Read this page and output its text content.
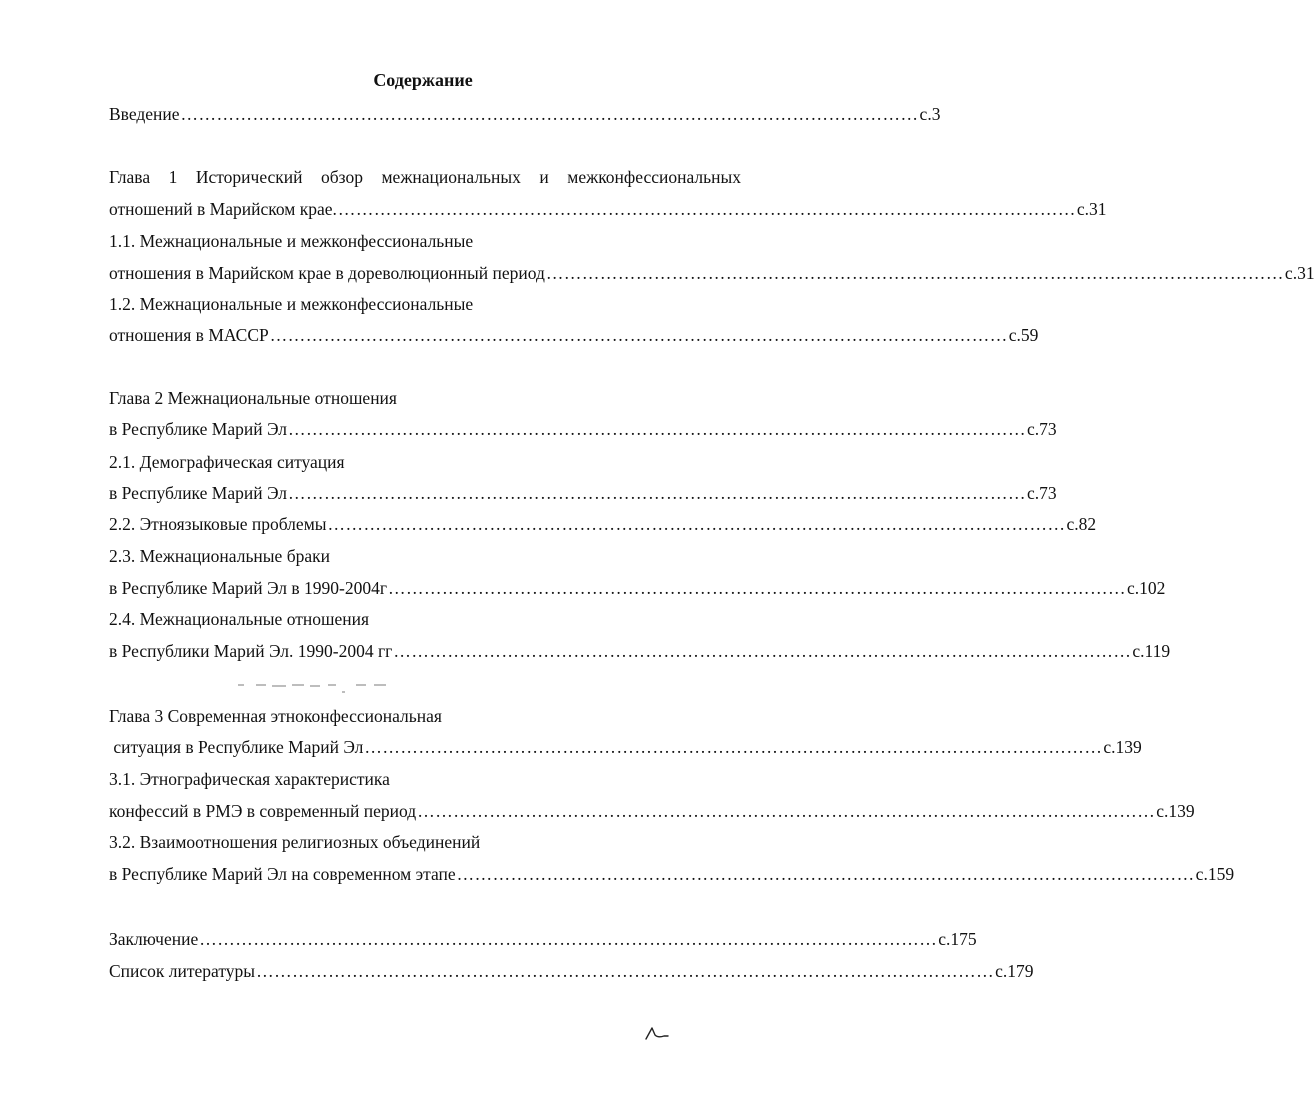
Содержание
Введение …………………………………………………………………………………………………………… с.3
Глава 1 Исторический обзор межнациональных и межконфессиональных
отношений в Марийском крае. …………………………………………………………………………………………………………… с.31
1.1. Межнациональные и межконфессиональные
отношения в Марийском крае в дореволюционный период …………………………………………………………………………………………………………… с.31
1.2. Межнациональные и межконфессиональные
отношения в МАССР …………………………………………………………………………………………………………… с.59
Глава 2 Межнациональные отношения
в Республике Марий Эл …………………………………………………………………………………………………………… с.73
2.1. Демографическая ситуация
в Республике Марий Эл …………………………………………………………………………………………………………… с.73
2.2. Этноязыковые проблемы …………………………………………………………………………………………………………… с.82
2.3. Межнациональные браки
в Республике Марий Эл в 1990-2004г …………………………………………………………………………………………………………… с.102
2.4. Межнациональные отношения
в Республики Марий Эл. 1990-2004 гг …………………………………………………………………………………………………………… с.119
Глава 3 Современная этноконфессиональная
ситуация в Республике Марий Эл …………………………………………………………………………………………………………… с.139
3.1. Этнографическая характеристика
конфессий в РМЭ в современный период …………………………………………………………………………………………………………… с.139
3.2. Взаимоотношения религиозных объединений
в Республике Марий Эл на современном этапе …………………………………………………………………………………………………………… с.159
Заключение …………………………………………………………………………………………………………… с.175
Список литературы …………………………………………………………………………………………………………… с.179
